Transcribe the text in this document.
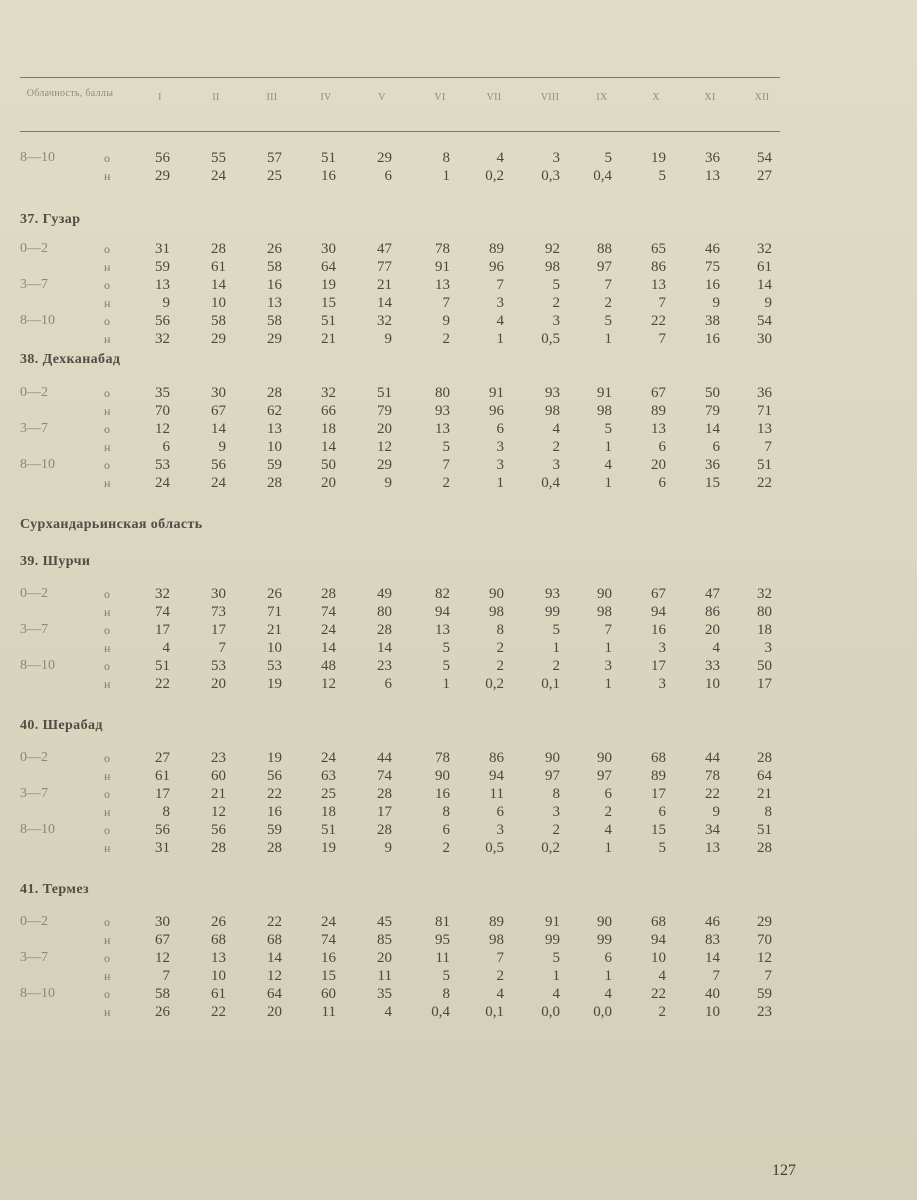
Облачность, баллы	I	II	III	IV	V	VI	VII	VIII	IX	X	XI	XII
8—10	о	56	55	57	51	29	8	4	3	5	19	36	54
н	29	24	25	16	6	1	0,2	0,3	0,4	5	13	27
37. Гузар
0—2	о	31	28	26	30	47	78	89	92	88	65	46	32
н	59	61	58	64	77	91	96	98	97	86	75	61
3—7	о	13	14	16	19	21	13	7	5	7	13	16	14
н	9	10	13	15	14	7	3	2	2	7	9	9
8—10	о	56	58	58	51	32	9	4	3	5	22	38	54
н	32	29	29	21	9	2	1	0,5	1	7	16	30
38. Дехканабад
0—2	о	35	30	28	32	51	80	91	93	91	67	50	36
н	70	67	62	66	79	93	96	98	98	89	79	71
3—7	о	12	14	13	18	20	13	6	4	5	13	14	13
н	6	9	10	14	12	5	3	2	1	6	6	7
8—10	о	53	56	59	50	29	7	3	3	4	20	36	51
н	24	24	28	20	9	2	1	0,4	1	6	15	22
Сурхандарьинская область
39. Шурчи
0—2	о	32	30	26	28	49	82	90	93	90	67	47	32
н	74	73	71	74	80	94	98	99	98	94	86	80
3—7	о	17	17	21	24	28	13	8	5	7	16	20	18
н	4	7	10	14	14	5	2	1	1	3	4	3
8—10	о	51	53	53	48	23	5	2	2	3	17	33	50
н	22	20	19	12	6	1	0,2	0,1	1	3	10	17
40. Шерабад
0—2	о	27	23	19	24	44	78	86	90	90	68	44	28
н	61	60	56	63	74	90	94	97	97	89	78	64
3—7	о	17	21	22	25	28	16	11	8	6	17	22	21
н	8	12	16	18	17	8	6	3	2	6	9	8
8—10	о	56	56	59	51	28	6	3	2	4	15	34	51
н	31	28	28	19	9	2	0,5	0,2	1	5	13	28
41. Термез
0—2	о	30	26	22	24	45	81	89	91	90	68	46	29
н	67	68	68	74	85	95	98	99	99	94	83	70
3—7	о	12	13	14	16	20	11	7	5	6	10	14	12
н	7	10	12	15	11	5	2	1	1	4	7	7
8—10	о	58	61	64	60	35	8	4	4	4	22	40	59
н	26	22	20	11	4	0,4	0,1	0,0	0,0	2	10	23
127
